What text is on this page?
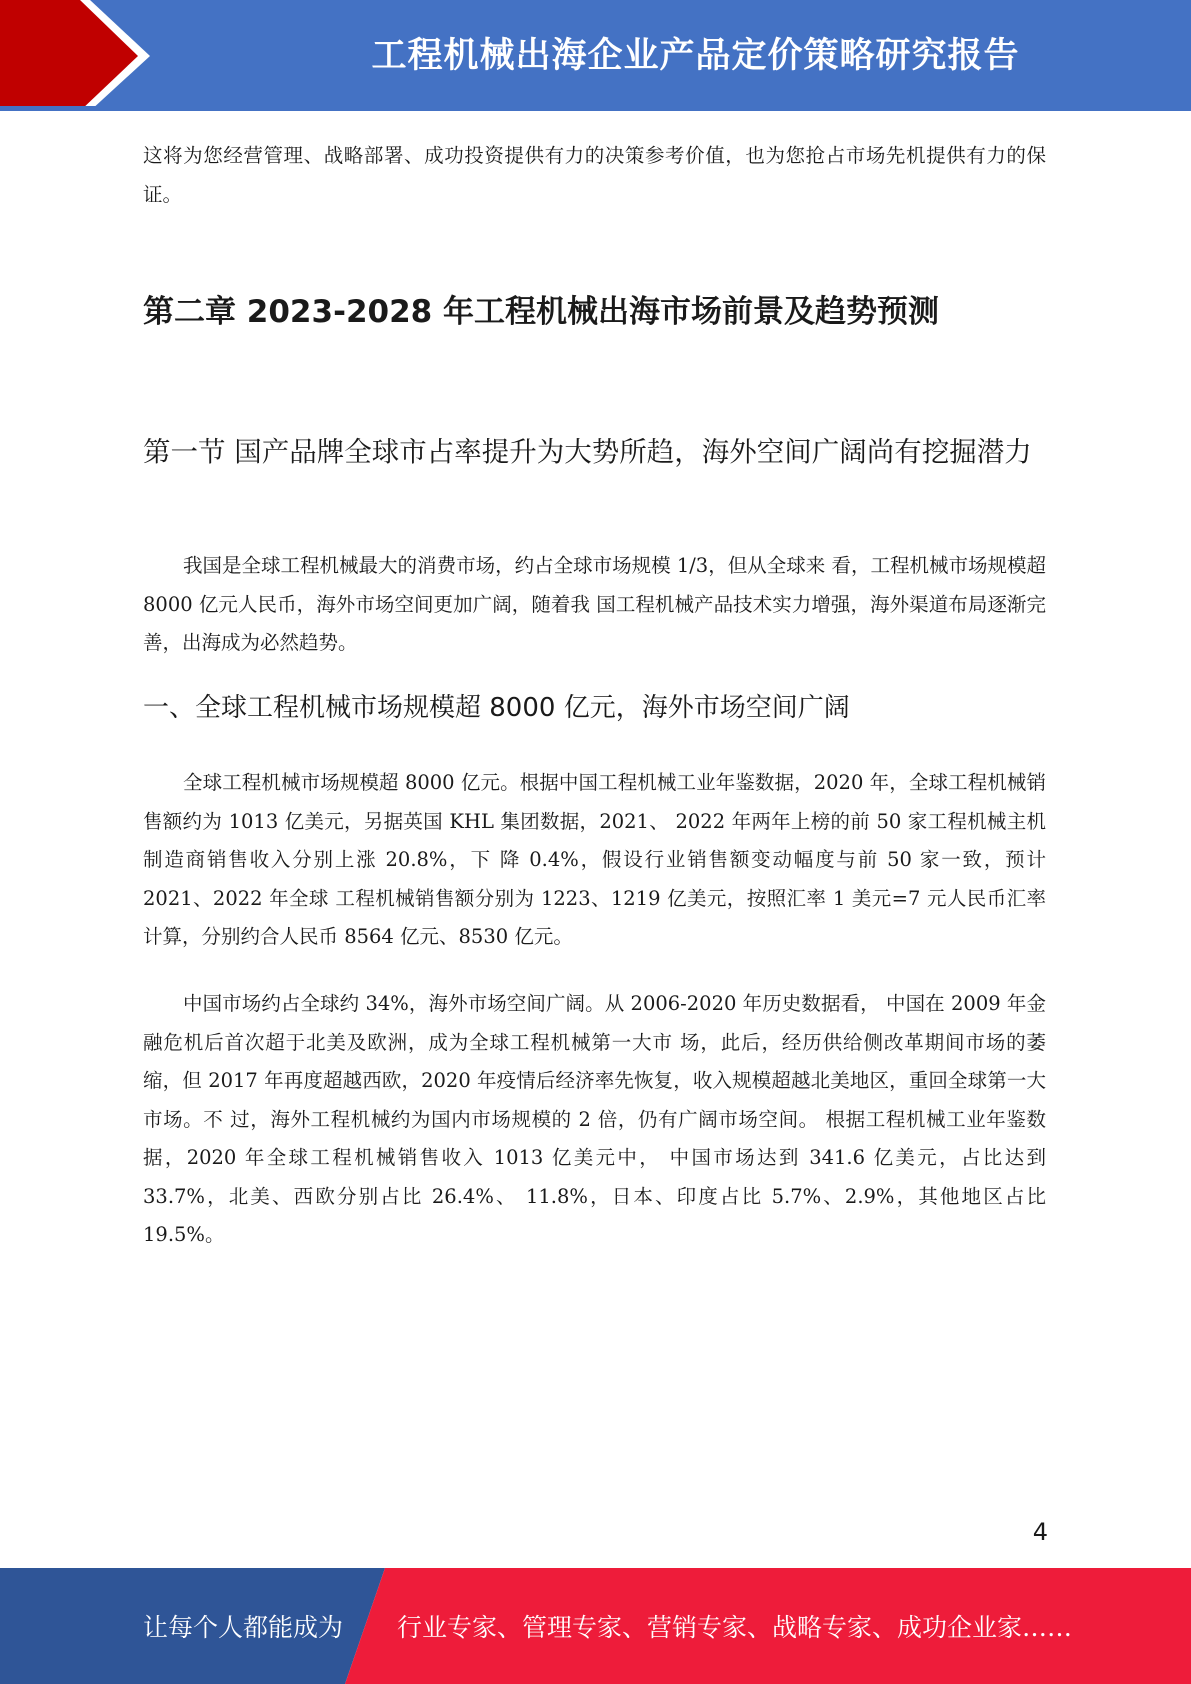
工程机械出海企业产品定价策略研究报告

这将为您经营管理、战略部署、成功投资提供有力的决策参考价值，也为您抢占市场先机提供有力的保证。

第二章 2023-2028 年工程机械出海市场前景及趋势预测
第一节 国产品牌全球市占率提升为大势所趋，海外空间广阔尚有挖掘潜力

我国是全球工程机械最大的消费市场，约占全球市场规模 1/3，但从全球来 看，工程机械市场规模超 8000 亿元人民币，海外市场空间更加广阔，随着我 国工程机械产品技术实力增强，海外渠道布局逐渐完善，出海成为必然趋势。

一、全球工程机械市场规模超 8000 亿元，海外市场空间广阔

全球工程机械市场规模超 8000 亿元。根据中国工程机械工业年鉴数据，2020 年，全球工程机械销售额约为 1013 亿美元，另据英国 KHL 集团数据，2021、 2022 年两年上榜的前 50 家工程机械主机制造商销售收入分别上涨 20.8%，下 降 0.4%，假设行业销售额变动幅度与前 50 家一致，预计 2021、2022 年全球 工程机械销售额分别为 1223、1219 亿美元，按照汇率 1 美元=7 元人民币汇率 计算，分别约合人民币 8564 亿元、8530 亿元。

中国市场约占全球约 34%，海外市场空间广阔。从 2006-2020 年历史数据看， 中国在 2009 年金融危机后首次超于北美及欧洲，成为全球工程机械第一大市 场，此后，经历供给侧改革期间市场的萎缩，但 2017 年再度超越西欧，2020 年疫情后经济率先恢复，收入规模超越北美地区，重回全球第一大市场。不 过，海外工程机械约为国内市场规模的 2 倍，仍有广阔市场空间。 根据工程机械工业年鉴数据，2020 年全球工程机械销售收入 1013 亿美元中， 中国市场达到 341.6 亿美元，占比达到 33.7%，北美、西欧分别占比 26.4%、 11.8%，日本、印度占比 5.7%、2.9%，其他地区占比 19.5%。

4
让每个人都能成为 行业专家、管理专家、营销专家、战略专家、成功企业家……
